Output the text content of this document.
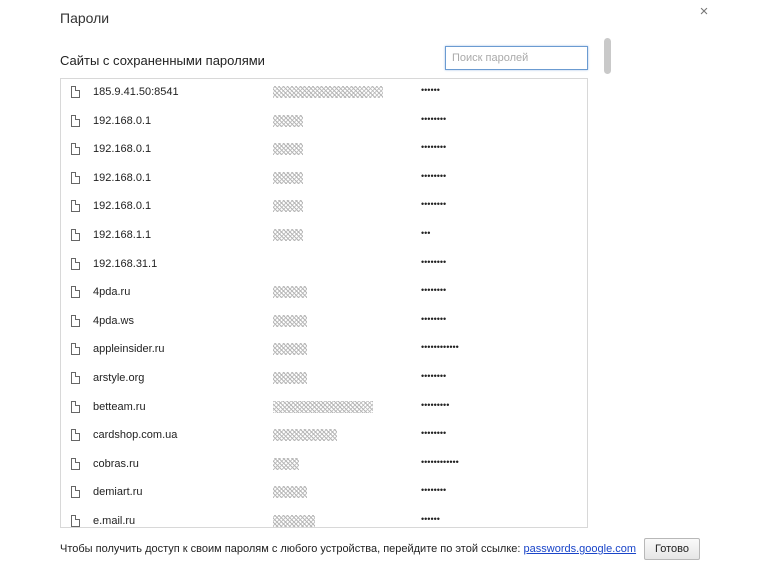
Пароли	×
Сайты с сохраненными паролями
Поиск паролей
185.9.41.50:8541	••••••
192.168.0.1	••••••••
192.168.0.1	••••••••
192.168.0.1	••••••••
192.168.0.1	••••••••
192.168.1.1	•••
192.168.31.1	••••••••
4pda.ru	••••••••
4pda.ws	••••••••
appleinsider.ru	••••••••••••
arstyle.org	••••••••
betteam.ru	•••••••••
cardshop.com.ua	••••••••
cobras.ru	••••••••••••
demiart.ru	••••••••
e.mail.ru	••••••
Чтобы получить доступ к своим паролям с любого устройства, перейдите по этой ссылке: passwords.google.com	Готово
